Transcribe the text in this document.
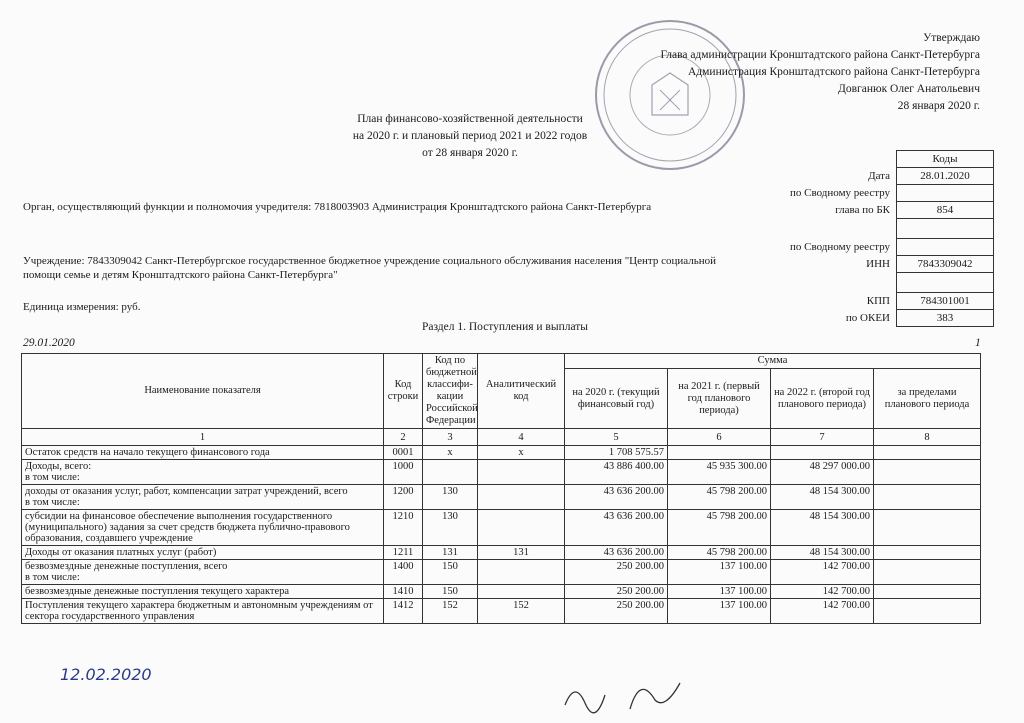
Утверждаю
Глава администрации Кронштадтского района Санкт-Петербурга
Администрация Кронштадтского района Санкт-Петербурга
Довганюк Олег Анатольевич
28 января 2020 г.
План финансово-хозяйственной деятельности
на 2020 г. и плановый период 2021 и 2022 годов
от 28 января 2020 г.
		Коды
Дата	28.01.2020
по Сводному реестру	
глава по БК	854

по Сводному реестру	
ИНН	7843309042

КПП	784301001
по ОКЕИ	383
Орган, осуществляющий функции и полномочия учредителя: 7818003903 Администрация Кронштадтского района Санкт-Петербурга
Учреждение: 7843309042 Санкт-Петербургское государственное бюджетное учреждение социального обслуживания населения "Центр социальной помощи семье и детям Кронштадтского района Санкт-Петербурга"
Единица измерения: руб.
Раздел 1. Поступления и выплаты
29.01.2020	1
Наименование показателя	Код строки	Код по бюджетной классифи-кации Российской Федерации	Аналитический код	Сумма			
				на 2020 г. (текущий финансовый год)	на 2021 г. (первый год планового периода)	на 2022 г. (второй год планового периода)	за пределами планового периода
1	2	3	4	5	6	7	8
Остаток средств на начало текущего финансового года	0001	x	x	1 708 575.57			
Доходы, всего:
в том числе:	1000			43 886 400.00	45 935 300.00	48 297 000.00	
доходы от оказания услуг, работ, компенсации затрат учреждений, всего
в том числе:	1200	130		43 636 200.00	45 798 200.00	48 154 300.00	
субсидии на финансовое обеспечение выполнения государственного (муниципального) задания за счет средств бюджета публично-правового образования, создавшего учреждение	1210	130		43 636 200.00	45 798 200.00	48 154 300.00	
Доходы от оказания платных услуг (работ)	1211	131	131	43 636 200.00	45 798 200.00	48 154 300.00	
безвозмездные денежные поступления, всего
в том числе:	1400	150		250 200.00	137 100.00	142 700.00	
безвозмездные денежные поступления текущего характера	1410	150		250 200.00	137 100.00	142 700.00	
Поступления текущего характера бюджетным и автономным учреждениям от сектора государственного управления	1412	152	152	250 200.00	137 100.00	142 700.00	
12.02.2020
